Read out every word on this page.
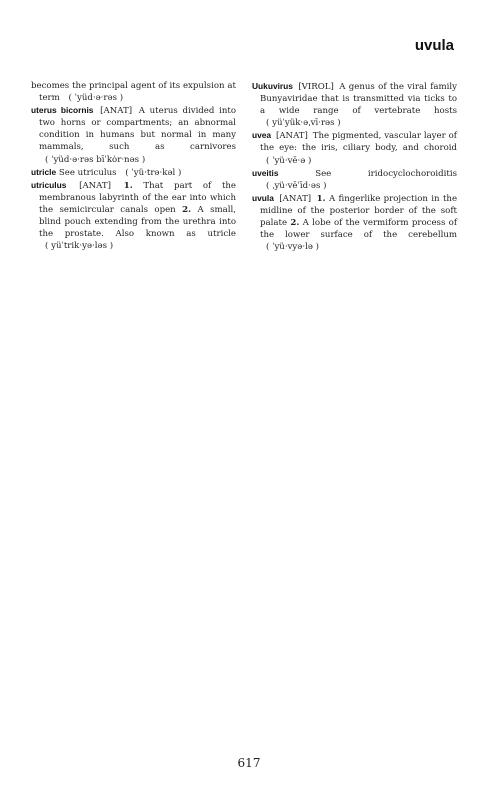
uvula

becomes the principal agent of its expulsion at term ( ˈyüd·ə·rəs )

uterus bicornis [ANAT] A uterus divided into two horns or compartments; an abnormal condition in humans but normal in many mammals, such as carnivores ( ˈyüd·ə·rəs bīˈkȯr·nəs )

utricle See utriculus ( ˈyü·trə·kəl )

utriculus [ANAT] 1. That part of the membranous labyrinth of the ear into which the semicircular canals open 2. A small, blind pouch extending from the urethra into the prostate. Also known as utricle ( yüˈtrik·yə·ləs )

Uukuvirus [VIROL] A genus of the viral family Bunyaviridae that is transmitted via ticks to a wide range of vertebrate hosts ( yüˈyük·əˌvī·rəs )

uvea [ANAT] The pigmented, vascular layer of the eye: the iris, ciliary body, and choroid ( ˈyü·vē·ə )

uveitis	See iridocyclochoroiditis ( ˌyü·vēˈīd·əs )

uvula [ANAT] 1. A fingerlike projection in the midline of the posterior border of the soft palate 2. A lobe of the vermiform process of the lower surface of the cerebellum ( ˈyü·vyə·lə )

617
